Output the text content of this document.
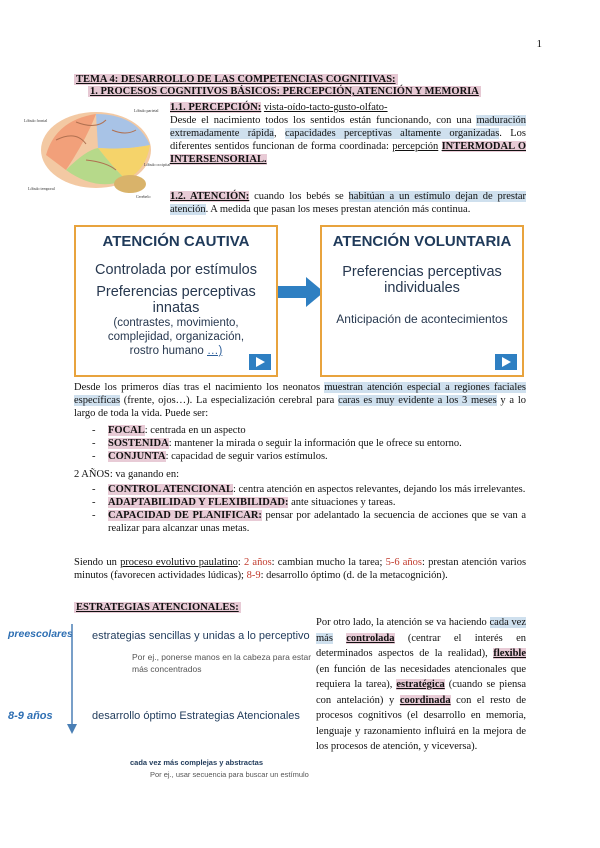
1
TEMA 4: DESARROLLO DE LAS COMPETENCIAS COGNITIVAS:
1. PROCESOS COGNITIVOS BÁSICOS: PERCEPCIÓN, ATENCIÓN Y MEMORIA
Lóbulo frontal
Lóbulo parietal
Lóbulo temporal
Lóbulo occipital
Cerebelo
1.1. PERCEPCIÓN: vista-oído-tacto-gusto-olfato-
Desde el nacimiento todos los sentidos están funcionando, con una maduración extremadamente rápida, capacidades perceptivas altamente organizadas. Los diferentes sentidos funcionan de forma coordinada: percepción INTERMODAL O INTERSENSORIAL.
1.2. ATENCIÓN: cuando los bebés se habitúan a un estímulo dejan de prestar atención. A medida que pasan los meses prestan atención más continua.
ATENCIÓN CAUTIVA
Controlada por estímulos
Preferencias perceptivas
innatas
(contrastes, movimiento,
complejidad, organización,
rostro humano …)
ATENCIÓN VOLUNTARIA
Preferencias perceptivas
individuales
Anticipación de acontecimientos
Desde los primeros días tras el nacimiento los neonatos muestran atención especial a regiones faciales específicas (frente, ojos…). La especialización cerebral para caras es muy evidente a los 3 meses y a lo largo de toda la vida. Puede ser:
- FOCAL: centrada en un aspecto
- SOSTENIDA: mantener la mirada o seguir la información que le ofrece su entorno.
- CONJUNTA: capacidad de seguir varios estímulos.
2 AÑOS: va ganando en:
- CONTROL ATENCIONAL: centra atención en aspectos relevantes, dejando los más irrelevantes.
- ADAPTABILIDAD Y FLEXIBILIDAD: ante situaciones y tareas.
- CAPACIDAD DE PLANIFICAR: pensar por adelantado la secuencia de acciones que se van a realizar para alcanzar unas metas.
Siendo un proceso evolutivo paulatino: 2 años: cambian mucho la tarea; 5-6 años: prestan atención varios minutos (favorecen actividades lúdicas); 8-9: desarrollo óptimo (d. de la metacognición).
ESTRATEGIAS ATENCIONALES:
preescolares estrategias sencillas y unidas a lo perceptivo
Por ej., ponerse manos en la cabeza para estar
más concentrados
8-9 años	desarrollo óptimo Estrategias Atencionales
cada vez más complejas y abstractas
Por ej., usar secuencia para buscar un estímulo
Por otro lado, la atención se va haciendo cada vez más controlada (centrar el interés en determinados aspectos de la realidad), flexible (en función de las necesidades atencionales que requiera la tarea), estratégica (cuando se piensa con antelación) y coordinada con el resto de procesos cognitivos (el desarrollo en memoria, lenguaje y razonamiento influirá en la mejora de los procesos de atención, y viceversa).
